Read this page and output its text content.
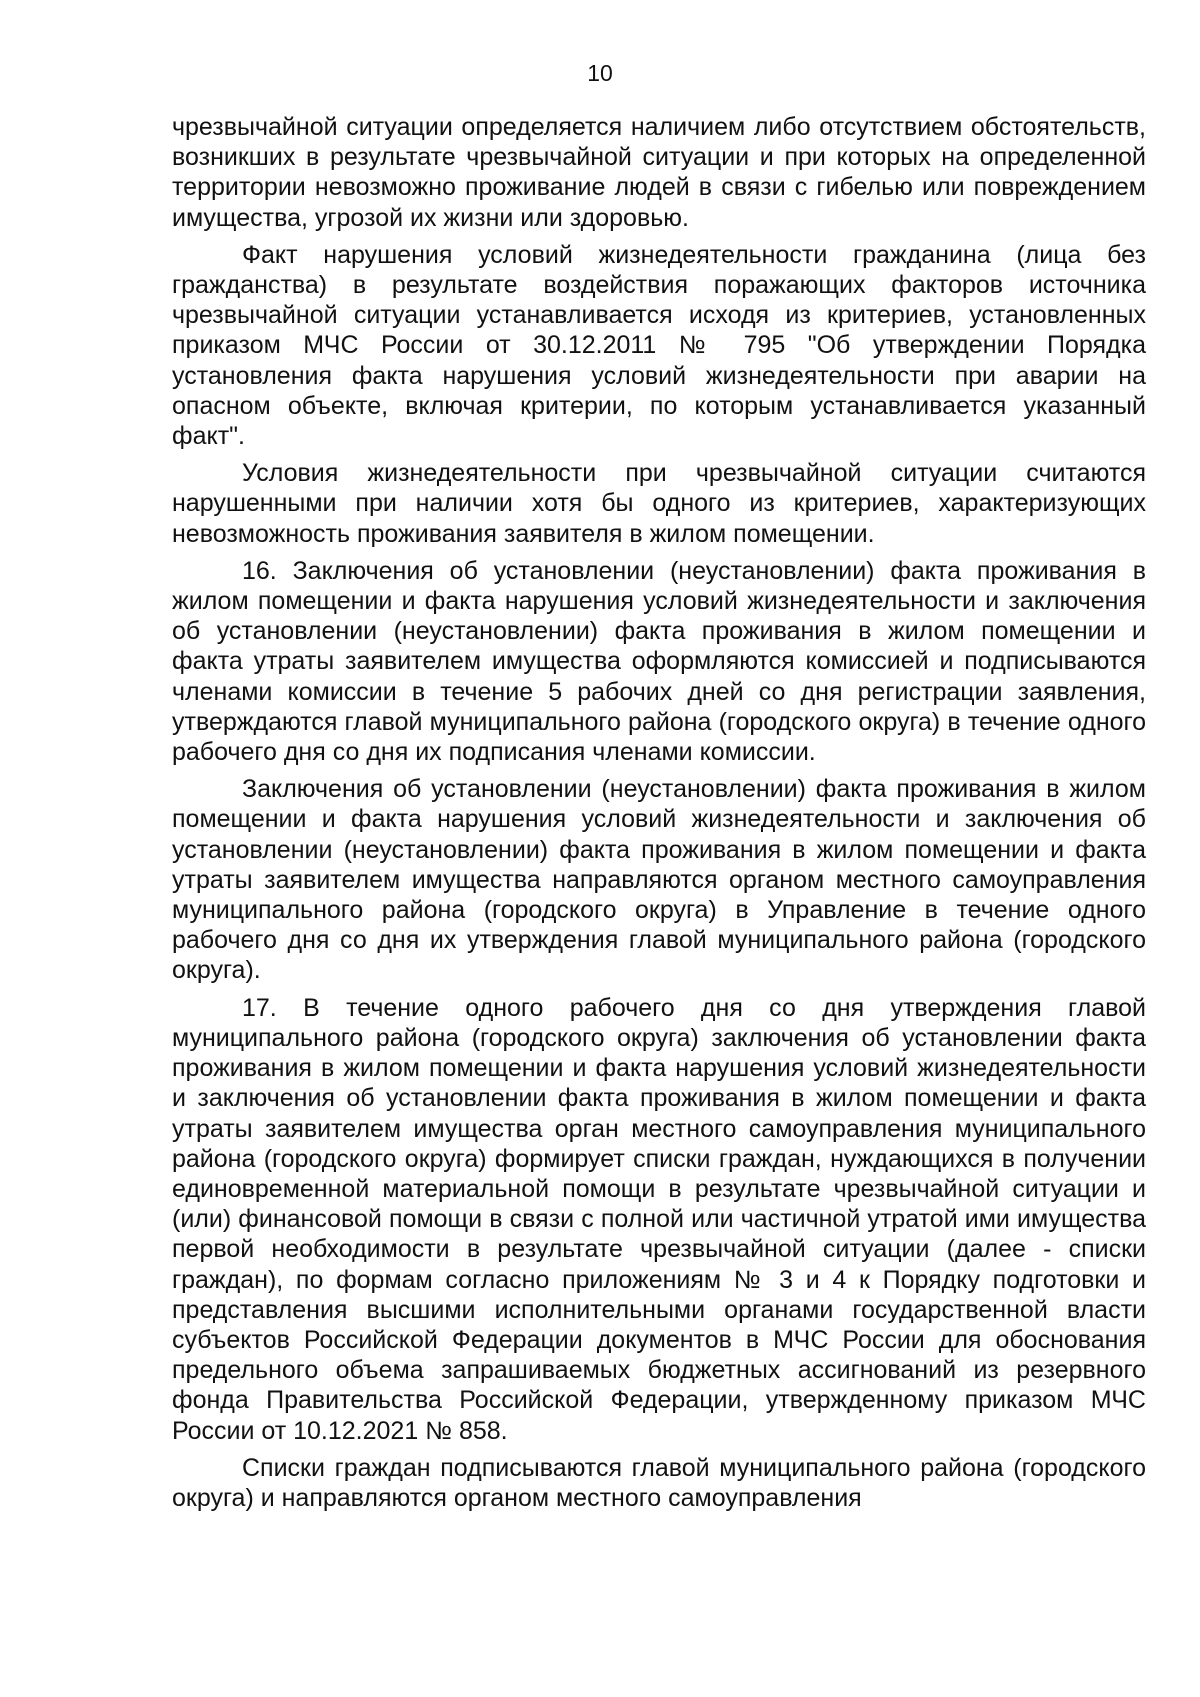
10

чрезвычайной ситуации определяется наличием либо отсутствием обстоятельств, возникших в результате чрезвычайной ситуации и при которых на определенной территории невозможно проживание людей в связи с гибелью или повреждением имущества, угрозой их жизни или здоровью.

Факт нарушения условий жизнедеятельности гражданина (лица без гражданства) в результате воздействия поражающих факторов источника чрезвычайной ситуации устанавливается исходя из критериев, установленных приказом МЧС России от 30.12.2011 № 795 "Об утверждении Порядка установления факта нарушения условий жизнедеятельности при аварии на опасном объекте, включая критерии, по которым устанавливается указанный факт".

Условия жизнедеятельности при чрезвычайной ситуации считаются нарушенными при наличии хотя бы одного из критериев, характеризующих невозможность проживания заявителя в жилом помещении.

16. Заключения об установлении (неустановлении) факта проживания в жилом помещении и факта нарушения условий жизнедеятельности и заключения об установлении (неустановлении) факта проживания в жилом помещении и факта утраты заявителем имущества оформляются комиссией и подписываются членами комиссии в течение 5 рабочих дней со дня регистрации заявления, утверждаются главой муниципального района (городского округа) в течение одного рабочего дня со дня их подписания членами комиссии.

Заключения об установлении (неустановлении) факта проживания в жилом помещении и факта нарушения условий жизнедеятельности и заключения об установлении (неустановлении) факта проживания в жилом помещении и факта утраты заявителем имущества направляются органом местного самоуправления муниципального района (городского округа) в Управление в течение одного рабочего дня со дня их утверждения главой муниципального района (городского округа).

17. В течение одного рабочего дня со дня утверждения главой муниципального района (городского округа) заключения об установлении факта проживания в жилом помещении и факта нарушения условий жизнедеятельности и заключения об установлении факта проживания в жилом помещении и факта утраты заявителем имущества орган местного самоуправления муниципального района (городского округа) формирует списки граждан, нуждающихся в получении единовременной материальной помощи в результате чрезвычайной ситуации и (или) финансовой помощи в связи с полной или частичной утратой ими имущества первой необходимости в результате чрезвычайной ситуации (далее - списки граждан), по формам согласно приложениям № 3 и 4 к Порядку подготовки и представления высшими исполнительными органами государственной власти субъектов Российской Федерации документов в МЧС России для обоснования предельного объема запрашиваемых бюджетных ассигнований из резервного фонда Правительства Российской Федерации, утвержденному приказом МЧС России от 10.12.2021 № 858.

Списки граждан подписываются главой муниципального района (городского округа) и направляются органом местного самоуправления
